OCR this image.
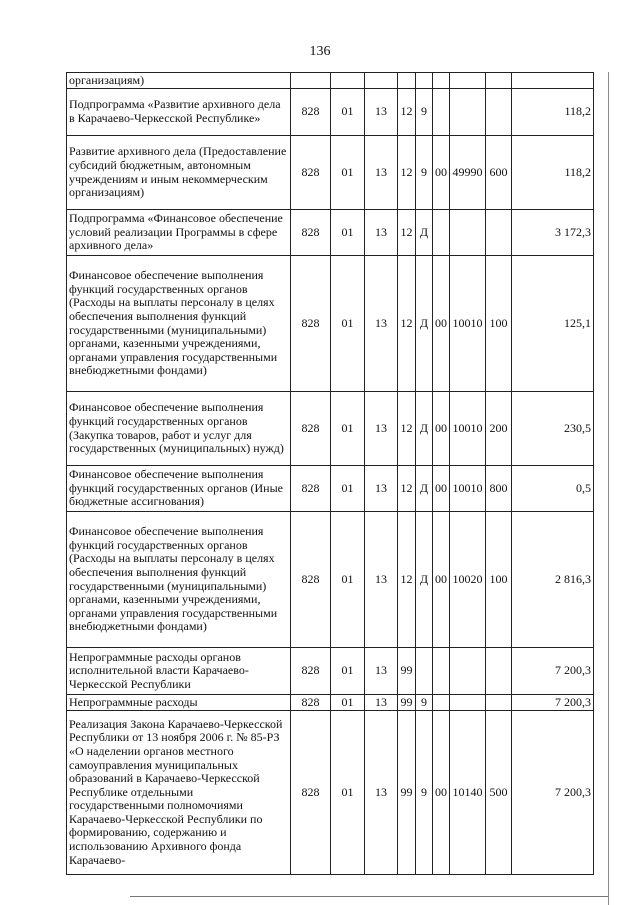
136
организациям)									
Подпрограмма «Развитие архивного дела в Карачаево-Черкесской Республике»	828	01	13	12	9				118,2
Развитие архивного дела (Предоставление субсидий бюджетным, автономным учреждениям и иным некоммерческим организациям)	828	01	13	12	9	00	49990	600	118,2
Подпрограмма «Финансовое обеспечение условий реализации Программы в сфере архивного дела»	828	01	13	12	Д				3 172,3
Финансовое обеспечение выполнения функций государственных органов (Расходы на выплаты персоналу в целях обеспечения выполнения функций государственными (муниципальными) органами, казенными учреждениями, органами управления государственными внебюджетными фондами)	828	01	13	12	Д	00	10010	100	125,1
Финансовое обеспечение выполнения функций государственных органов (Закупка товаров, работ и услуг для государственных (муниципальных) нужд)	828	01	13	12	Д	00	10010	200	230,5
Финансовое обеспечение выполнения функций государственных органов (Иные бюджетные ассигнования)	828	01	13	12	Д	00	10010	800	0,5
Финансовое обеспечение выполнения функций государственных органов (Расходы на выплаты персоналу в целях обеспечения выполнения функций государственными (муниципальными) органами, казенными учреждениями, органами управления государственными внебюджетными фондами)	828	01	13	12	Д	00	10020	100	2 816,3
Непрограммные расходы органов исполнительной власти Карачаево-Черкесской Республики	828	01	13	99					7 200,3
Непрограммные расходы	828	01	13	99	9				7 200,3
Реализация Закона Карачаево-Черкесской Республики от 13 ноября 2006 г. № 85-РЗ «О наделении органов местного самоуправления муниципальных образований в Карачаево-Черкесской Республике отдельными государственными полномочиями Карачаево-Черкесской Республики по формированию, содержанию и использованию Архивного фонда Карачаево-	828	01	13	99	9	00	10140	500	7 200,3
